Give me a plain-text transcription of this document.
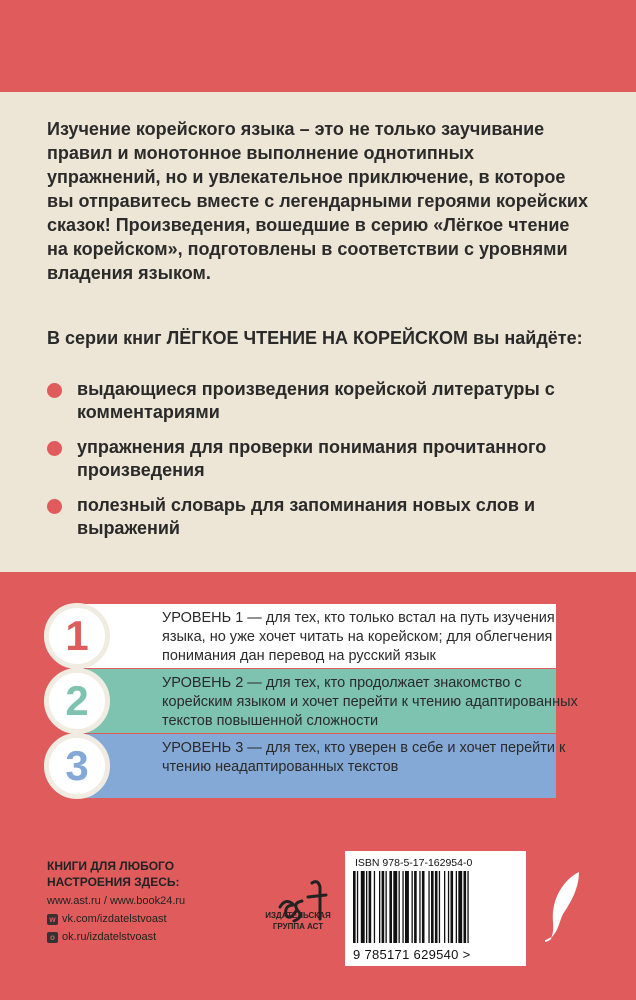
Изучение корейского языка – это не только заучивание правил и монотонное выполнение однотипных упражнений, но и увлекательное приключение, в которое вы отправитесь вместе с легендарными героями корейских сказок! Произведения, вошедшие в серию «Лёгкое чтение на корейском», подготовлены в соответствии с уровнями владения языком.

В серии книг ЛЁГКОЕ ЧТЕНИЕ НА КОРЕЙСКОМ вы найдёте:

выдающиеся произведения корейской литературы с комментариями
упражнения для проверки понимания прочитанного произведения
полезный словарь для запоминания новых слов и выражений
УРОВЕНЬ 1 — для тех, кто только встал на путь изучения языка, но уже хочет читать на корейском; для облегчения понимания дан перевод на русский язык
1
УРОВЕНЬ 2 — для тех, кто продолжает знакомство с корейским языком и хочет перейти к чтению адаптированных текстов повышенной сложности
2
УРОВЕНЬ 3 — для тех, кто уверен в себе и хочет перейти к чтению неадаптированных текстов
3
КНИГИ ДЛЯ ЛЮБОГО НАСТРОЕНИЯ ЗДЕСЬ:
www.ast.ru / www.book24.ru
w vk.com/izdatelstvoast
o ok.ru/izdatelstvoast
ИЗДАТЕЛЬСКАЯ ГРУППА АСТ
ISBN 978-5-17-162954-0
9 785171 629540 >
